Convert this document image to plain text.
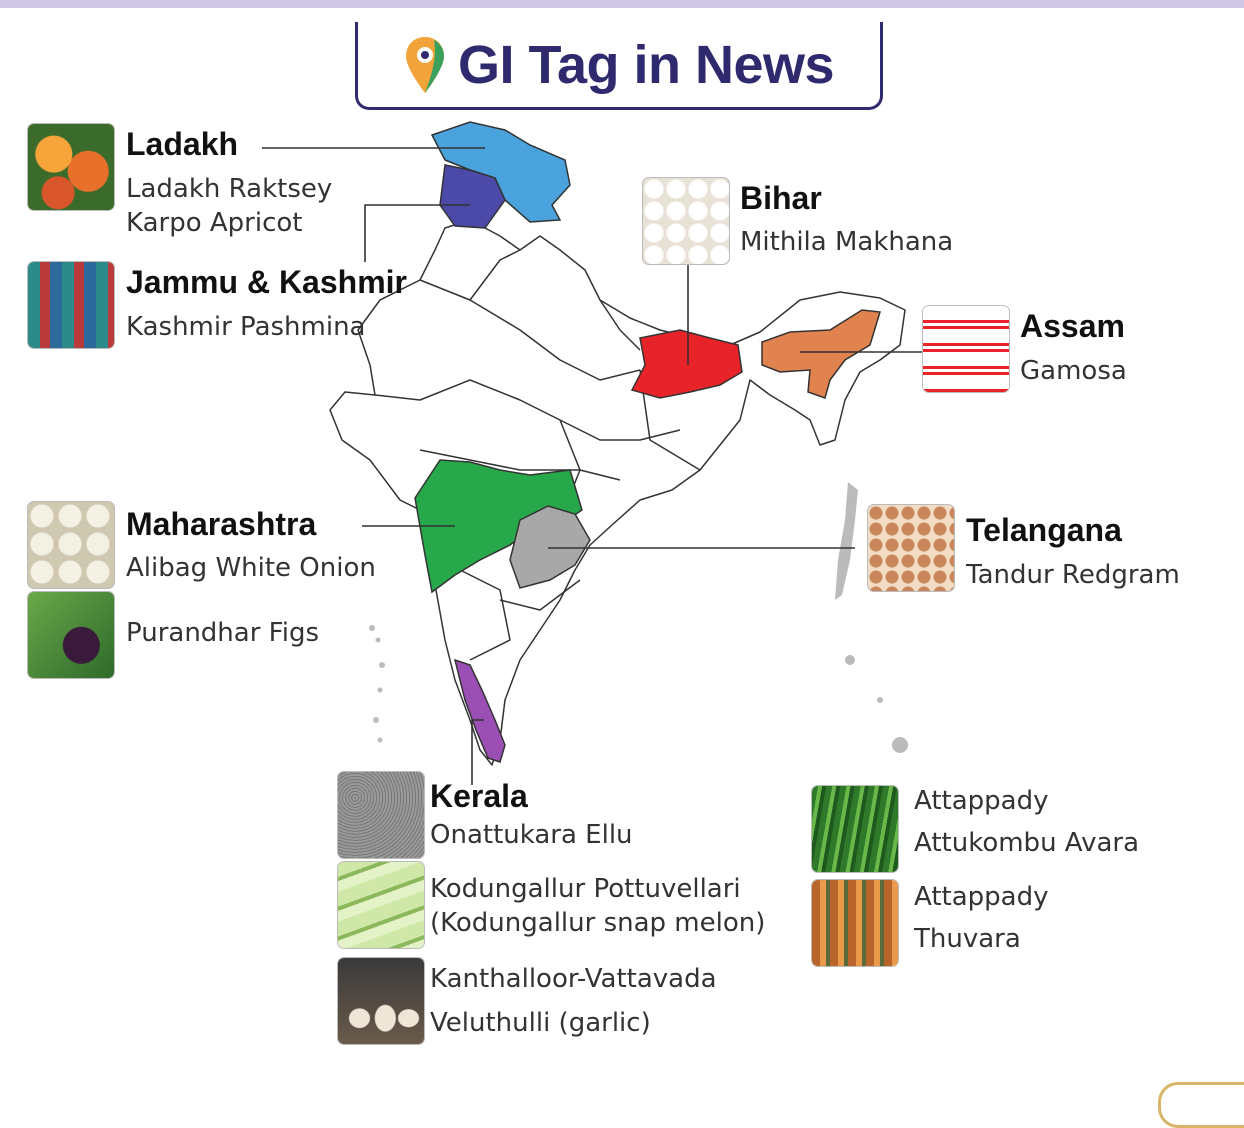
GI Tag in News
Ladakh
Ladakh Raktsey
Karpo Apricot
Jammu & Kashmir
Kashmir Pashmina
Bihar
Mithila Makhana
Assam
Gamosa
Maharashtra
Alibag White Onion
Purandhar Figs
Telangana
Tandur Redgram
Kerala
Onattukara Ellu
Kodungallur Pottuvellari
(Kodungallur snap melon)
Kanthalloor-Vattavada
Veluthulli (garlic)
Attappady
Attukombu Avara
Attappady
Thuvara
